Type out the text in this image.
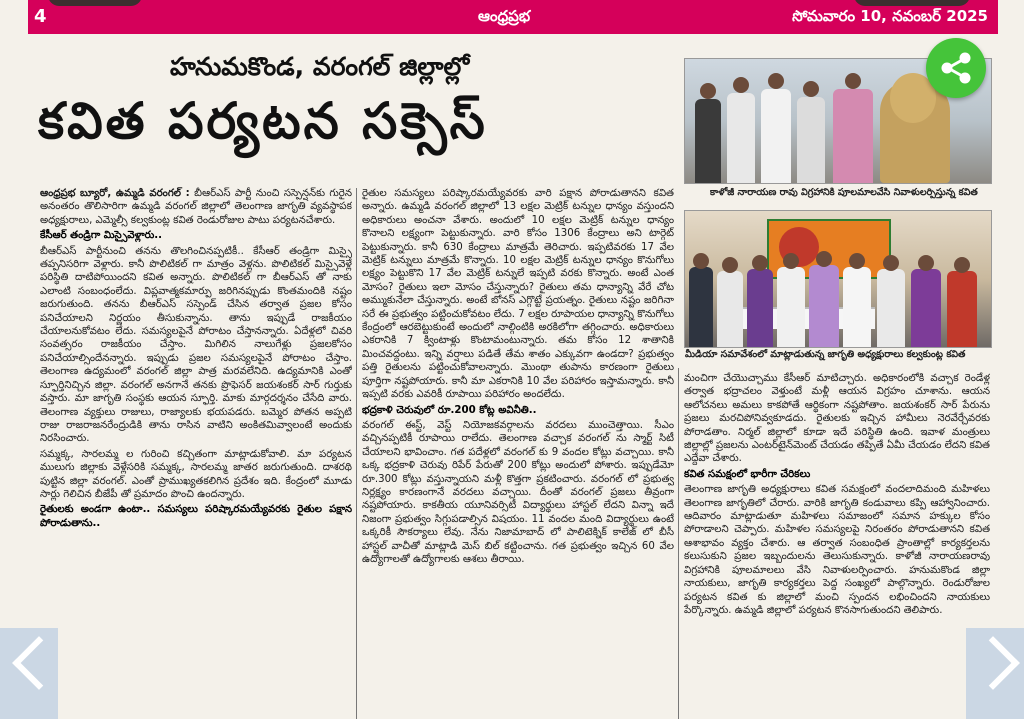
4	ఆంధ్రప్రభ	సోమవారం 10, నవంబర్ 2025
హనుమకొండ, వరంగల్ జిల్లాల్లో
కవిత పర్యటన సక్సెస్
కాళోజీ నారాయణ రావు విగ్రహానికి పూలమాలవేసి నివాళులర్పిస్తున్న కవిత
మీడియా సమావేశంలో మాట్లాడుతున్న జాగృతి అధ్యక్షురాలు కల్వకుంట్ల కవిత

ఆంధ్రప్రభ బ్యూరో, ఉమ్మడి వరంగల్ : బీఆర్‌ఎస్ పార్టీ నుంచి సస్పెన్షన్‌కు గురైన అనంతరం తొలిసారిగా ఉమ్మడి వరంగల్ జిల్లాలో తెలంగాణ జాగృతి వ్యవస్థాపక అధ్యక్షురాలు, ఎమ్మెల్సీ కల్వకుంట్ల కవిత రెండురోజుల పాటు పర్యటనచేశారు.

కేసీఆర్ తండ్రిగా మిస్సైవెళ్లారు..

బీఆర్‌ఎస్ పార్టీనుంచి తనను తొలగించినప్పటికీ.. కేసీఆర్ తండ్రిగా మిస్సై తప్పనిసరిగా వెళ్లారు. కానీ పొలిటికల్ గా మాత్రం వెళ్లను. పొలిటికల్ మిస్సైవెళ్లే పరిస్థితి దాటిపోయిందని కవిత అన్నారు. పొలిటికల్ గా బీఆర్‌ఎస్ తో నాకు ఎలాంటి సంబంధంలేదు. విప్లవాత్మకమార్పు జరిగినప్పుడు కొంతమందికి నష్టం జరుగుతుంది. తనను బీఆర్‌ఎస్ సస్పెండ్ చేసిన తర్వాత ప్రజల కోసం పనిచేయాలని నిర్ణయం తీసుకున్నాను. తాను ఇప్పుడే రాజకీయం చేయాలనుకోవటం లేదు. సమస్యలపైనే పోరాటం చేస్తానన్నారు. ఏదేళ్లలో చివరి సంవత్సరం రాజకీయం చేస్తాం. మిగిలిన నాలుగేళ్లు ప్రజలకోసం పనిచేయాల్సిందేనన్నారు. ఇప్పుడు ప్రజల సమస్యలపైనే పోరాటం చేస్తాం. తెలంగాణ ఉద్యమంలో వరంగల్ జిల్లా పాత్ర మరవలేనిది. ఉద్యమానికి ఎంతో స్ఫూర్తినిచ్చిన జిల్లా. వరంగల్ అనగానే తనకు ప్రొఫెసర్ జయశంకర్ సార్ గుర్తుకు వస్తారు. మా జాగృతి సంస్థకు ఆయన స్ఫూర్తి. మాకు మార్గదర్శనం చేసేది వారు. తెలంగాణ వ్యక్తులు రాజులు, రాజ్యాలకు భయపడరు. బమ్మెర పోతన అప్పటి రాజు రాజరాజనరేంద్రుడికి తాను రాసిన వాటిని అంకితమివ్వాలంటే అందుకు నిరసించారు.

సమ్మక్క, సారలమ్మ ల గురించి కచ్చితంగా మాట్లాడుకోవాలి. మా పర్యటన ములుగు జిల్లాకు వెళ్లేసరికి సమ్మక్క, సారలమ్మ జాతర జరుగుతుంది. దాశరథి పుట్టిన జిల్లా వరంగల్. ఎంతో ప్రాముఖ్యతకలిగిన ప్రదేశం ఇది. కేంద్రంలో మూడు సార్లు గెలిచిన బీజేపీ తో ప్రమాదం పొంచి ఉందన్నారు.

రైతులకు అండగా ఉంటా.. సమస్యలు పరిష్కారమయ్యేవరకు రైతుల పక్షాన పోరాడుతాను..

రైతుల సమస్యలు పరిష్కారమయ్యేవరకు వారి పక్షాన పోరాడుతానని కవిత అన్నారు. ఉమ్మడి వరంగల్ జిల్లాలో 13 లక్షల మెట్రిక్ టన్నుల ధాన్యం వస్తుందని అధికారులు అంచనా వేశారు. అందులో 10 లక్షల మెట్రిక్ టన్నుల ధాన్యం కొనాలని లక్ష్యంగా పెట్టుకున్నారు. వారి కోసం 1306 కేంద్రాలు అని టార్గెట్ పెట్టుకున్నారు. కానీ 630 కేంద్రాలు మాత్రమే తెరిచారు. ఇప్పటివరకు 17 వేల మెట్రిక్ టన్నులు మాత్రమే కొన్నారు. 10 లక్షల మెట్రిక్ టన్నుల ధాన్యం కొనుగోలు లక్ష్యం పెట్టుకొని 17 వేల మెట్రిక్ టన్నులే ఇప్పటి వరకు కొన్నారు. అంటే ఎంత మోసం? రైతులు ఇలా మోసం చేస్తున్నారు? రైతులు తమ ధాన్యాన్ని వేరే చోట అమ్ముకునేలా చేస్తున్నారు. అంటే బోనస్ ఎగ్గొట్టే ప్రయత్నం. రైతులు నష్టం జరిగినా సరే ఈ ప్రభుత్వం పట్టించుకోవటం లేదు. 7 లక్షల రూపాయల ధాన్యాన్ని కొనుగోలు కేంద్రంలో ఆరబెట్టుకుంటే అందులో నాల్గింటికి అరకిలోగా తగ్గించారు. అధికారులు ఎకరానికి 7 క్వింటాళ్లు కొంటామంటున్నారు. తమ కోసం 12 శాతానికి మించవద్దంటు. ఇన్ని వర్షాలు పడితే తేమ శాతం ఎక్కువగా ఉండదా? ప్రభుత్వం పత్తి రైతులను పట్టించుకోవాలన్నారు. మొంథా తుపాను కారణంగా రైతులు పూర్తిగా నష్టపోయారు. కానీ మా ఎకరానికి 10 వేల పరిహారం ఇస్తామన్నారు. కానీ ఇప్పటి వరకు ఎవరికీ రూపాయి పరిహారం అందలేదు.

భద్రకాళి చెరువులో రూ.200 కోట్ల అవినీతి..

వరంగల్ ఈస్ట్, వెస్ట్ నియోజకవర్గాలను వరదలు ముంచెత్తాయి. సీఎం వచ్చినప్పటికీ రూపాయి రాలేదు. తెలంగాణ వచ్చాక వరంగల్ ను స్మార్ట్ సిటీ చేయాలని భావించాం. గత పదేళ్లలో వరంగల్ కు 9 వందల కోట్లు వచ్చాయి. కానీ ఒక్క భద్రకాళి చెరువు రిపేర్ పేరుతో 200 కోట్లు అందులో పోశారు. ఇప్పుడేమో రూ.300 కోట్లు వస్తున్నాయని మళ్లీ కొత్తగా ప్రకటించారు. వరంగల్ లో ప్రభుత్వ నిర్లక్ష్యం కారణంగానే వరదలు వచ్చాయి. దీంతో వరంగల్ ప్రజలు తీవ్రంగా నష్టపోయారు. కాకతీయ యూనివర్సిటీ విద్యార్థులు హాస్టల్ లేదని విన్నా ఇదే నిజంగా ప్రభుత్వం సిగ్గుపడాల్సిన విషయం. 11 వందల మంది విద్యార్థులు ఉంటే ఒక్కరికీ సౌకర్యాలు లేవు. నేను నిజామాబాద్ లో పాలిటెక్నిక్ కాలేజ్ లో బీసీ హాస్టల్ వాచీతో మాట్లాడి మెస్ బిల్ కట్టించాను. గత ప్రభుత్వం ఇచ్చిన 60 వేల ఉద్యోగాలతో ఉద్యోగాలకు ఆశలు తీరాయి.

మంచిగా చేయొచ్చాము కేసీఆర్ మాటిచ్చారు. అధికారంలోకి వచ్చాక రెండేళ్ల తర్వాత భద్రాచలం వెళ్తుంటే మళ్లీ ఆయన విగ్రహం చూశాను. ఆయన ఆలోచనలు అమలు కాకపోతే ఆర్థికంగా నష్టపోతాం. జయశంకర్ సార్ పేరును ప్రజలు మరచిపోనివ్వకూడదు. రైతులకు ఇచ్చిన హామీలు నెరవేర్చేవరకు పోరాడతాం. నిర్మల్ జిల్లాలో కూడా ఇదే పరిస్థితి ఉంది. ఇవాళ మంత్రులు జిల్లాల్లో ప్రజలను ఎంటర్‌టైన్‌మెంట్ చేయడం తప్పితే ఏమీ చేయడం లేదని కవిత ఎద్దేవా చేశారు.

కవిత సమక్షంలో భారీగా చేరికలు

తెలంగాణ జాగృతి అధ్యక్షురాలు కవిత సమక్షంలో వందలాదిమంది మహిళలు తెలంగాణ జాగృతిలో చేరారు. వారికి జాగృతి కండువాలు కప్పి ఆహ్వానించారు. ఆదివారం మాట్లాడుతూ మహిళలు సమాజంలో సమాన హక్కుల కోసం పోరాడాలని చెప్పారు. మహిళల సమస్యలపై నిరంతరం పోరాడుతానని కవిత ఆశాభావం వ్యక్తం చేశారు. ఆ తర్వాత సంబంధిత ప్రాంతాల్లో కార్యకర్తలను కలుసుకుని ప్రజల ఇబ్బందులను తెలుసుకున్నారు. కాళోజీ నారాయణరావు విగ్రహానికి పూలమాలలు వేసి నివాళులర్పించారు. హనుమకొండ జిల్లా నాయకులు, జాగృతి కార్యకర్తలు పెద్ద సంఖ్యలో పాల్గొన్నారు. రెండురోజుల పర్యటన కవిత కు జిల్లాలో మంచి స్పందన లభించిందని నాయకులు పేర్కొన్నారు. ఉమ్మడి జిల్లాలో పర్యటన కొనసాగుతుందని తెలిపారు.
